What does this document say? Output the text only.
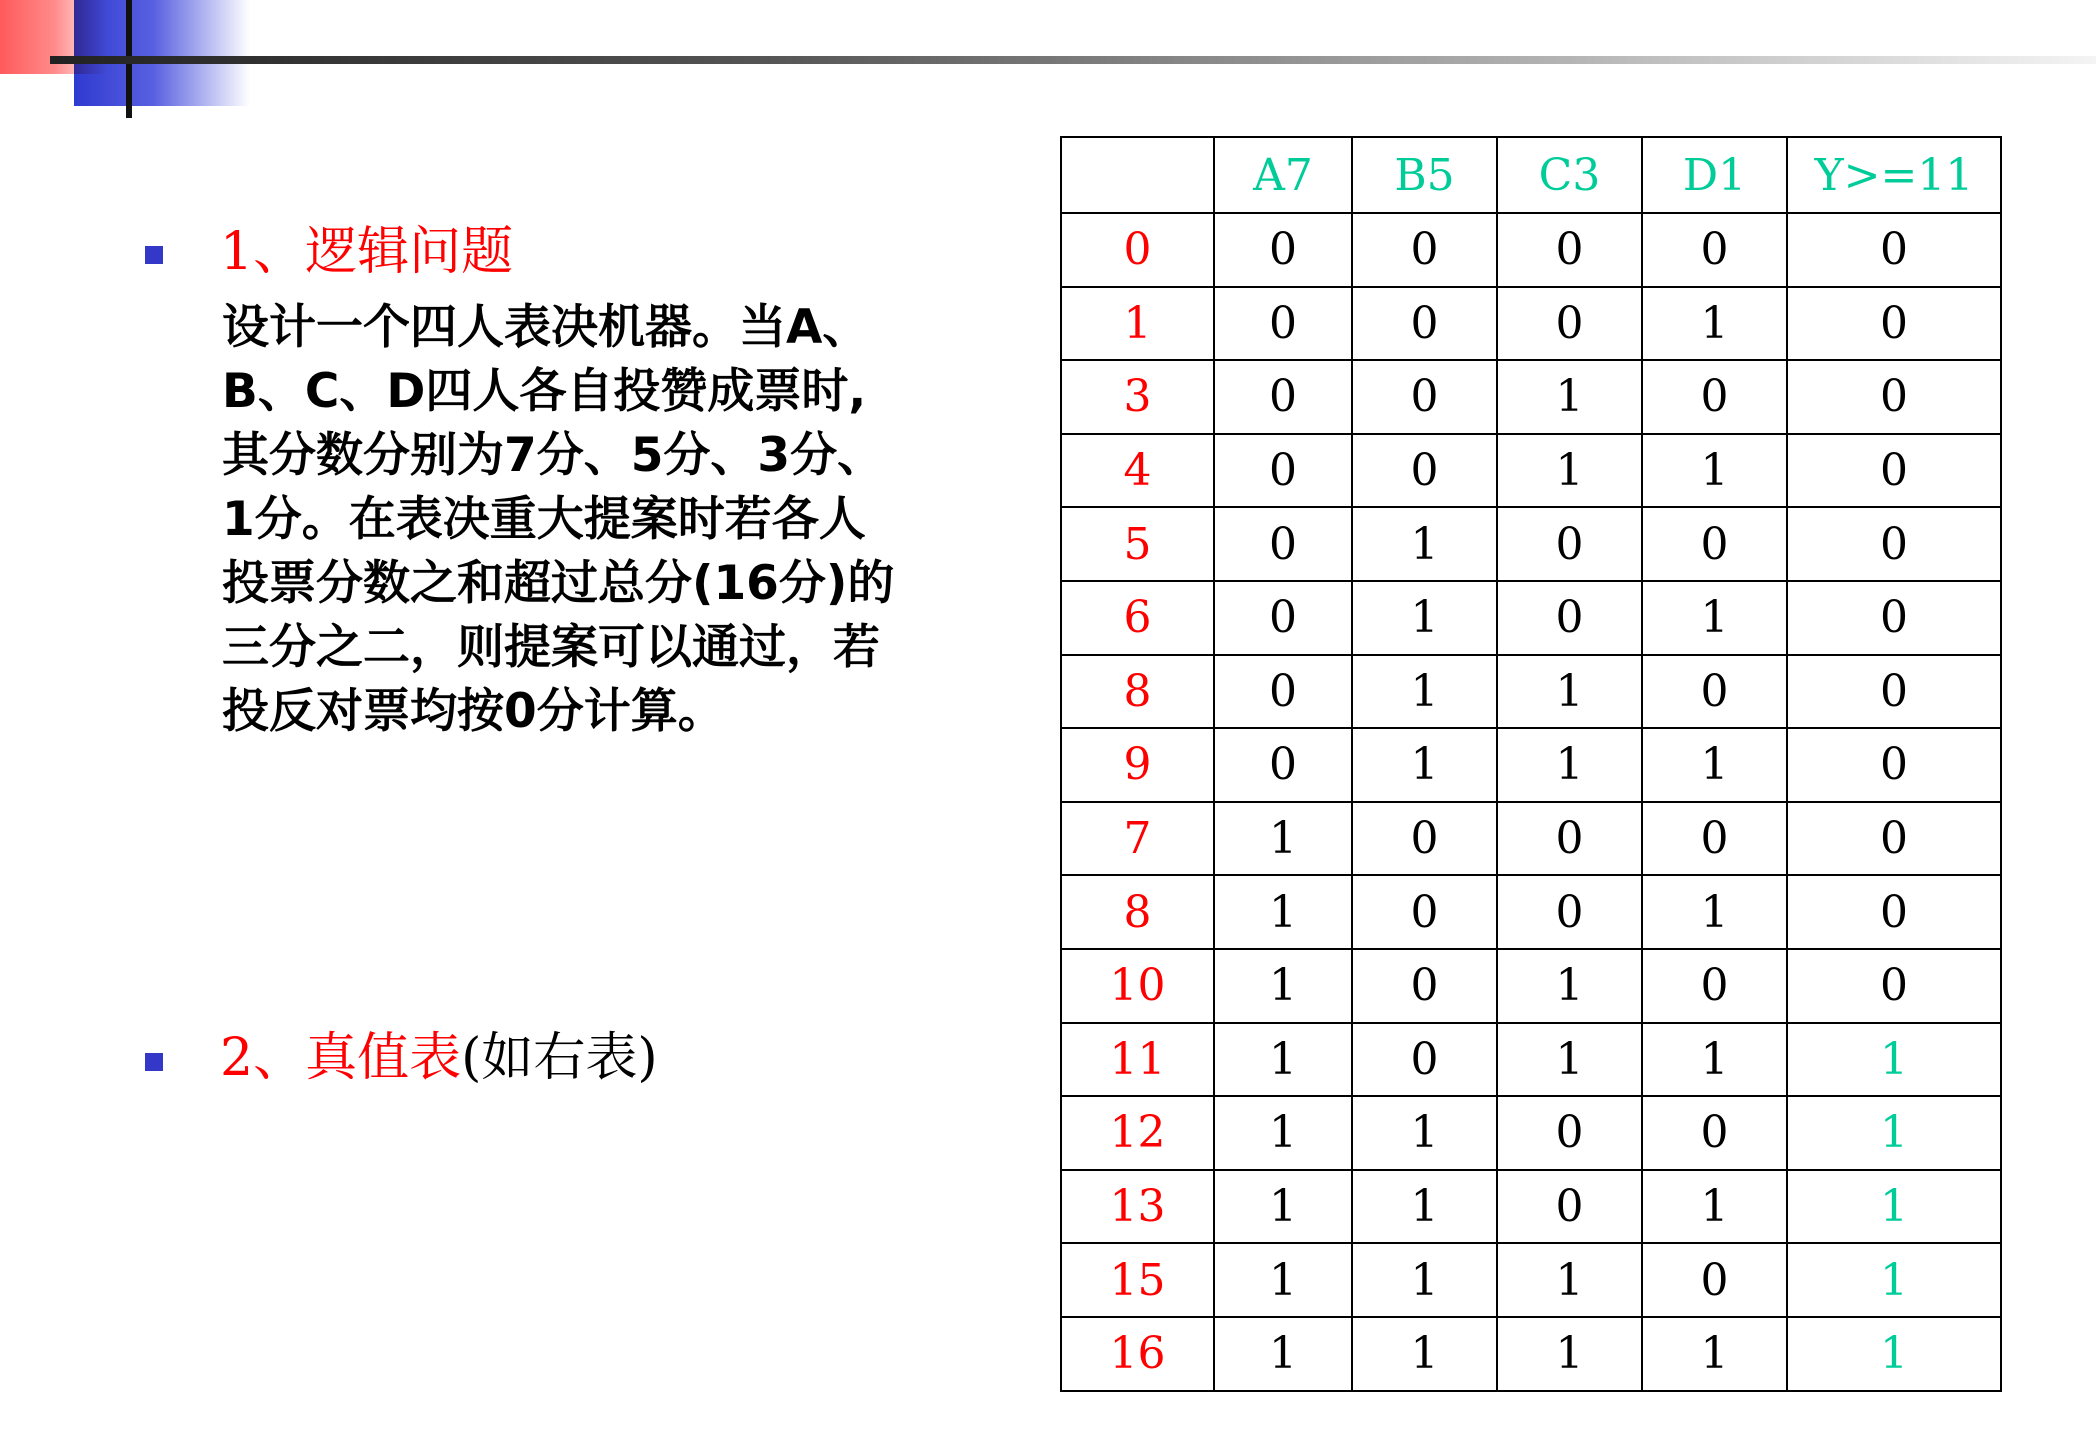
1、逻辑问题
设计一个四人表决机器。当A、
B、C、D四人各自投赞成票时,
其分数分别为7分、5分、3分、
1分。在表决重大提案时若各人
投票分数之和超过总分(16分)的
三分之二，则提案可以通过，若
投反对票均按0分计算。
2、真值表(如右表)
	A7	B5	C3	D1	Y>=11
0	0	0	0	0	0
1	0	0	0	1	0
3	0	0	1	0	0
4	0	0	1	1	0
5	0	1	0	0	0
6	0	1	0	1	0
8	0	1	1	0	0
9	0	1	1	1	0
7	1	0	0	0	0
8	1	0	0	1	0
10	1	0	1	0	0
11	1	0	1	1	1
12	1	1	0	0	1
13	1	1	0	1	1
15	1	1	1	0	1
16	1	1	1	1	1
